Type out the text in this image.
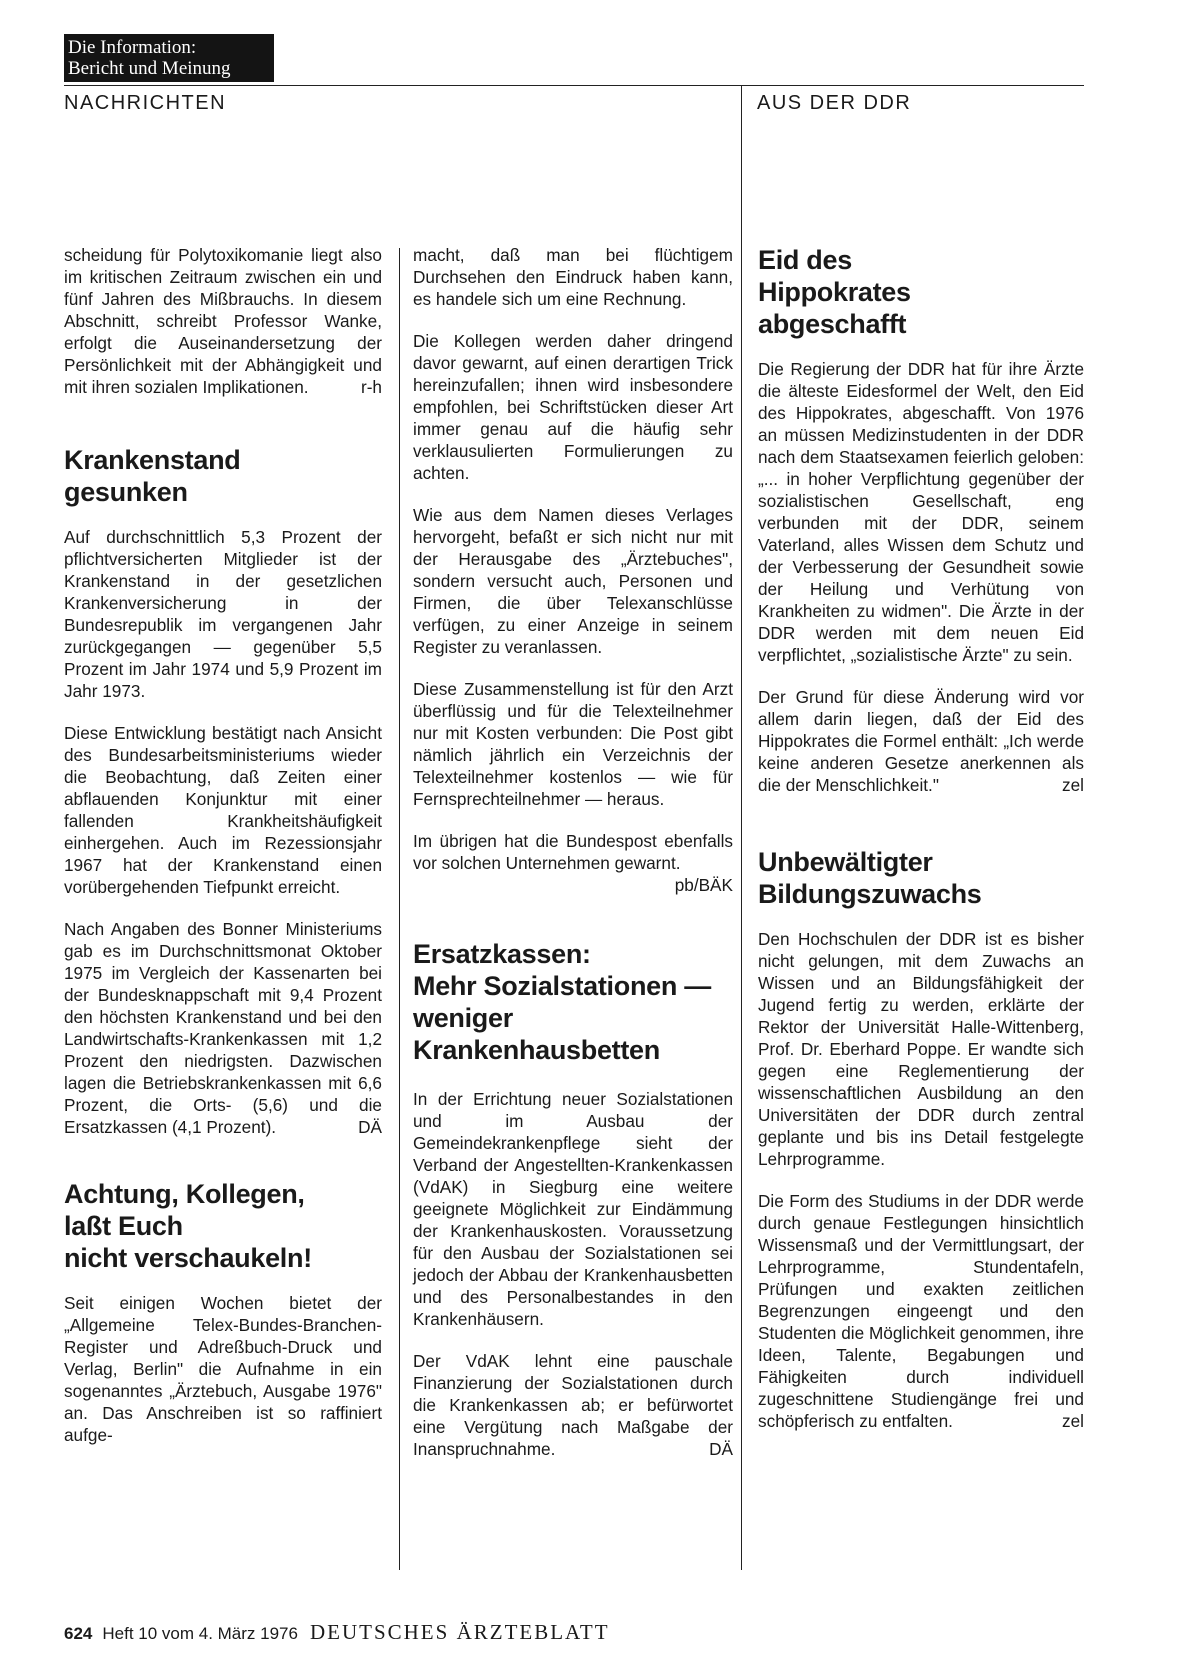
Die Information:
Bericht und Meinung
NACHRICHTEN	AUS DER DDR

scheidung für Polytoxikomanie liegt also im kritischen Zeitraum zwischen ein und fünf Jahren des Mißbrauchs. In diesem Abschnitt, schreibt Professor Wanke, erfolgt die Auseinandersetzung der Persönlichkeit mit der Abhängigkeit und mit ihren sozialen Implikationen.	r-h

Krankenstand
gesunken

Auf durchschnittlich 5,3 Prozent der pflichtversicherten Mitglieder ist der Krankenstand in der gesetzlichen Krankenversicherung in der Bundesrepublik im vergangenen Jahr zurückgegangen — gegenüber 5,5 Prozent im Jahr 1974 und 5,9 Prozent im Jahr 1973.

Diese Entwicklung bestätigt nach Ansicht des Bundesarbeitsministeriums wieder die Beobachtung, daß Zeiten einer abflauenden Konjunktur mit einer fallenden Krankheitshäufigkeit einhergehen. Auch im Rezessionsjahr 1967 hat der Krankenstand einen vorübergehenden Tiefpunkt erreicht.

Nach Angaben des Bonner Ministeriums gab es im Durchschnittsmonat Oktober 1975 im Vergleich der Kassenarten bei der Bundesknappschaft mit 9,4 Prozent den höchsten Krankenstand und bei den Landwirtschafts-Krankenkassen mit 1,2 Prozent den niedrigsten. Dazwischen lagen die Betriebskrankenkassen mit 6,6 Prozent, die Orts- (5,6) und die Ersatzkassen (4,1 Prozent).	DÄ

Achtung, Kollegen,
laßt Euch
nicht verschaukeln!

Seit einigen Wochen bietet der „Allgemeine Telex-Bundes-Branchen-Register und Adreßbuch-Druck und Verlag, Berlin" die Aufnahme in ein sogenanntes „Ärztebuch, Ausgabe 1976" an. Das Anschreiben ist so raffiniert aufge-

macht, daß man bei flüchtigem Durchsehen den Eindruck haben kann, es handele sich um eine Rechnung.

Die Kollegen werden daher dringend davor gewarnt, auf einen derartigen Trick hereinzufallen; ihnen wird insbesondere empfohlen, bei Schriftstücken dieser Art immer genau auf die häufig sehr verklausulierten Formulierungen zu achten.

Wie aus dem Namen dieses Verlages hervorgeht, befaßt er sich nicht nur mit der Herausgabe des „Ärztebuches", sondern versucht auch, Personen und Firmen, die über Telexanschlüsse verfügen, zu einer Anzeige in seinem Register zu veranlassen.

Diese Zusammenstellung ist für den Arzt überflüssig und für die Telexteilnehmer nur mit Kosten verbunden: Die Post gibt nämlich jährlich ein Verzeichnis der Telexteilnehmer kostenlos — wie für Fernsprechteilnehmer — heraus.

Im übrigen hat die Bundespost ebenfalls vor solchen Unternehmen gewarnt.
pb/BÄK

Ersatzkassen:
Mehr Sozialstationen —
weniger
Krankenhausbetten

In der Errichtung neuer Sozialstationen und im Ausbau der Gemeindekrankenpflege sieht der Verband der Angestellten-Krankenkassen (VdAK) in Siegburg eine weitere geeignete Möglichkeit zur Eindämmung der Krankenhauskosten. Voraussetzung für den Ausbau der Sozialstationen sei jedoch der Abbau der Krankenhausbetten und des Personalbestandes in den Krankenhäusern.

Der VdAK lehnt eine pauschale Finanzierung der Sozialstationen durch die Krankenkassen ab; er befürwortet eine Vergütung nach Maßgabe der Inanspruchnahme.	DÄ

Eid des
Hippokrates
abgeschafft

Die Regierung der DDR hat für ihre Ärzte die älteste Eidesformel der Welt, den Eid des Hippokrates, abgeschafft. Von 1976 an müssen Medizinstudenten in der DDR nach dem Staatsexamen feierlich geloben: „... in hoher Verpflichtung gegenüber der sozialistischen Gesellschaft, eng verbunden mit der DDR, seinem Vaterland, alles Wissen dem Schutz und der Verbesserung der Gesundheit sowie der Heilung und Verhütung von Krankheiten zu widmen". Die Ärzte in der DDR werden mit dem neuen Eid verpflichtet, „sozialistische Ärzte" zu sein.

Der Grund für diese Änderung wird vor allem darin liegen, daß der Eid des Hippokrates die Formel enthält: „Ich werde keine anderen Gesetze anerkennen als die der Menschlichkeit."	zel

Unbewältigter
Bildungszuwachs

Den Hochschulen der DDR ist es bisher nicht gelungen, mit dem Zuwachs an Wissen und an Bildungsfähigkeit der Jugend fertig zu werden, erklärte der Rektor der Universität Halle-Wittenberg, Prof. Dr. Eberhard Poppe. Er wandte sich gegen eine Reglementierung der wissenschaftlichen Ausbildung an den Universitäten der DDR durch zentral geplante und bis ins Detail festgelegte Lehrprogramme.

Die Form des Studiums in der DDR werde durch genaue Festlegungen hinsichtlich Wissensmaß und der Vermittlungsart, der Lehrprogramme, Stundentafeln, Prüfungen und exakten zeitlichen Begrenzungen eingeengt und den Studenten die Möglichkeit genommen, ihre Ideen, Talente, Begabungen und Fähigkeiten durch individuell zugeschnittene Studiengänge frei und schöpferisch zu entfalten.	zel

624 Heft 10 vom 4. März 1976 DEUTSCHES ÄRZTEBLATT
